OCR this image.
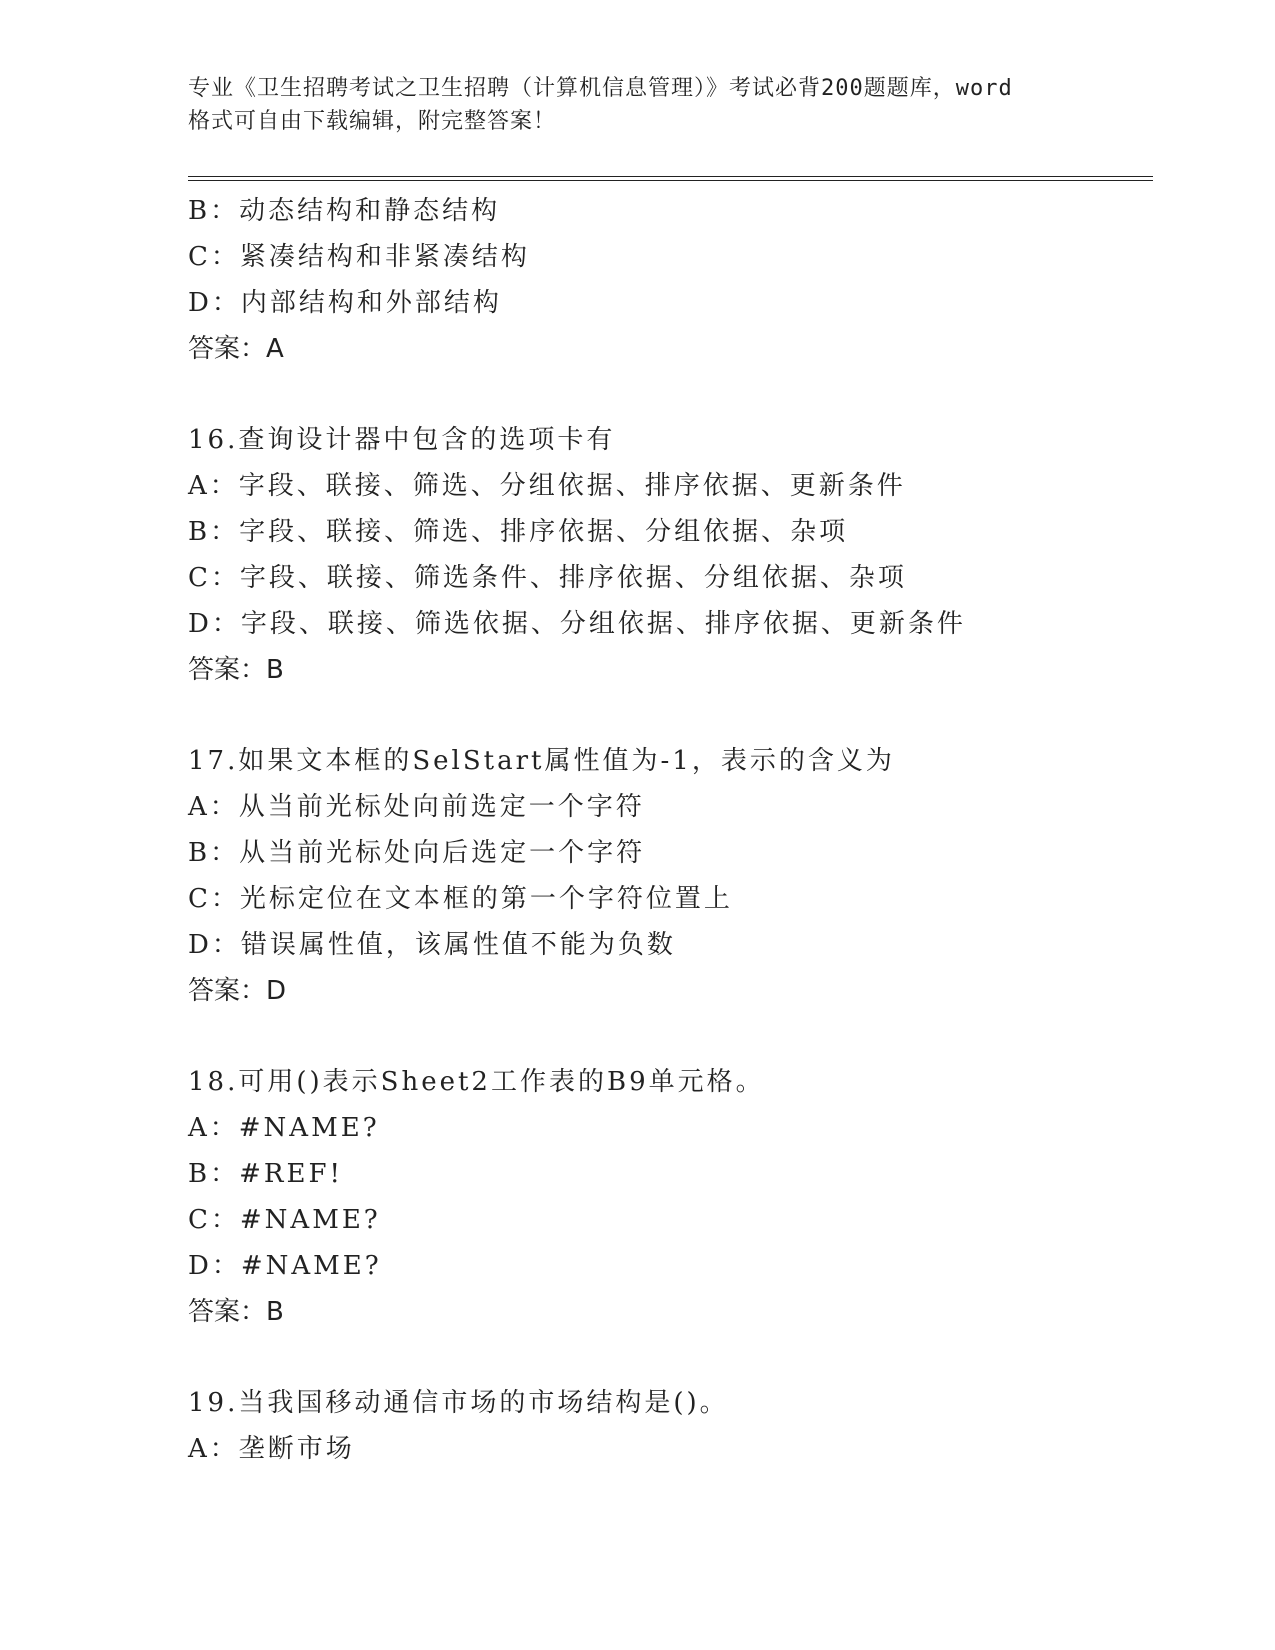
专业《卫生招聘考试之卫生招聘（计算机信息管理）》考试必背200题题库，word
格式可自由下载编辑，附完整答案！
B：动态结构和静态结构
C：紧凑结构和非紧凑结构
D：内部结构和外部结构
答案：A
16.查询设计器中包含的选项卡有
A：字段、联接、筛选、分组依据、排序依据、更新条件
B：字段、联接、筛选、排序依据、分组依据、杂项
C：字段、联接、筛选条件、排序依据、分组依据、杂项
D：字段、联接、筛选依据、分组依据、排序依据、更新条件
答案：B
17.如果文本框的SelStart属性值为-1，表示的含义为
A：从当前光标处向前选定一个字符
B：从当前光标处向后选定一个字符
C：光标定位在文本框的第一个字符位置上
D：错误属性值，该属性值不能为负数
答案：D
18.可用()表示Sheet2工作表的B9单元格。
A：#NAME?
B：#REF!
C：#NAME?
D：#NAME?
答案：B
19.当我国移动通信市场的市场结构是()。
A：垄断市场
